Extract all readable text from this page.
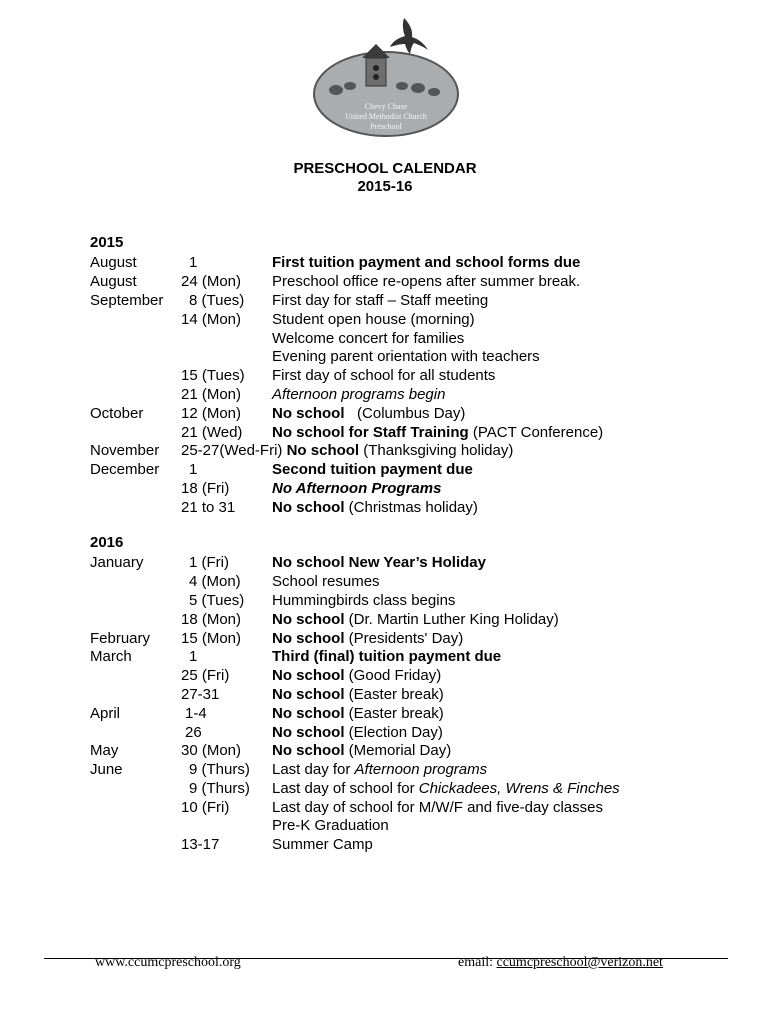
Chevy Chase
United Methodist Church
Preschool
PRESCHOOL CALENDAR
2015-16
2015
2016
August	1	First tuition payment and school forms due
August	24 (Mon) Preschool office re-opens after summer break.
September 8 (Tues) First day for staff – Staff meeting
14 (Mon) Student open house (morning)
Welcome concert for families
Evening parent orientation with teachers
15 (Tues) First day of school for all students
21 (Mon) Afternoon programs begin
October	12 (Mon) No school   (Columbus Day)
21 (Wed) No school for Staff Training (PACT Conference)
November 25-27(Wed-Fri) No school (Thanksgiving holiday)
December 1	Second tuition payment due
18 (Fri)	No Afternoon Programs
21 to 31 No school (Christmas holiday)
January	1 (Fri)	No school New Year’s Holiday
4 (Mon) School resumes
5 (Tues) Hummingbirds class begins
18 (Mon) No school (Dr. Martin Luther King Holiday)
February 15 (Mon) No school (Presidents' Day)
March	1	Third (final) tuition payment due
25 (Fri)	No school (Good Friday)
27-31	No school (Easter break)
April	1-4	No school (Easter break)
26	No school (Election Day)
May	30 (Mon) No school (Memorial Day)
June	9 (Thurs) Last day for Afternoon programs
9 (Thurs) Last day of school for Chickadees, Wrens & Finches
10 (Fri)	Last day of school for M/W/F and five-day classes
Pre-K Graduation
13-17	Summer Camp
www.ccumcpreschool.org	email: ccumcpreschool@verizon.net
